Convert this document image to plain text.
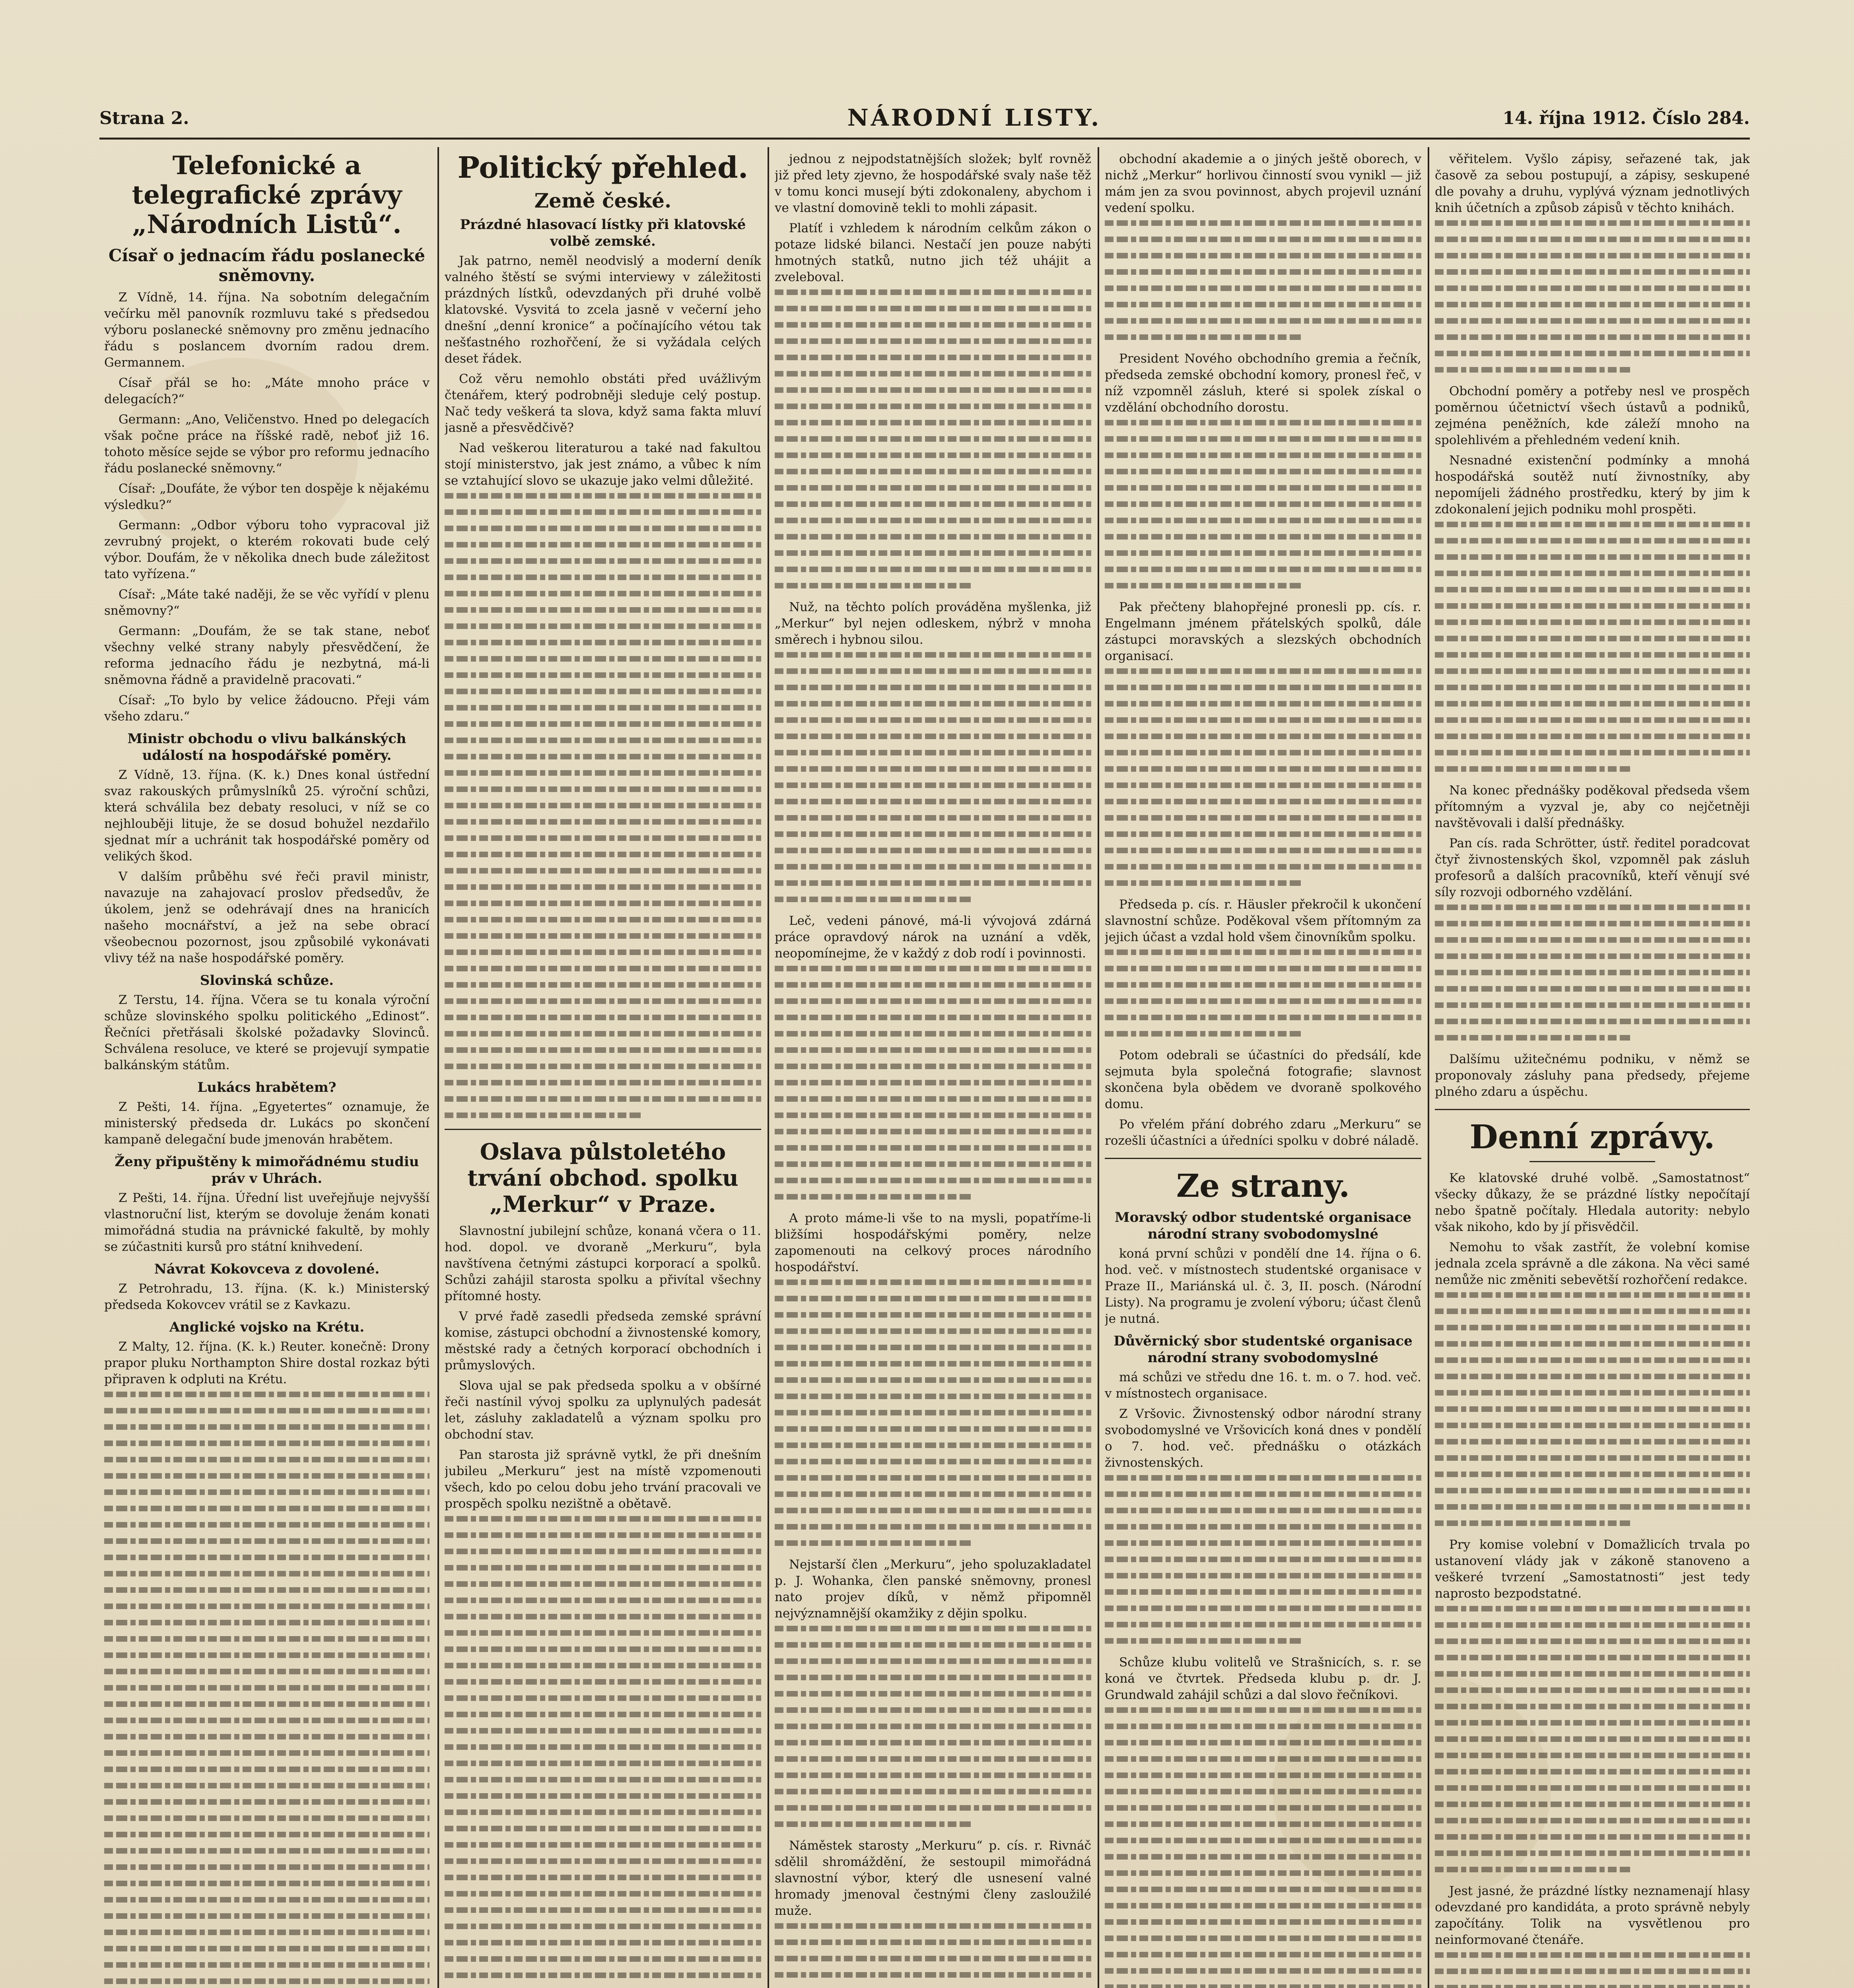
Strana 2.	NÁRODNÍ LISTY.	14. října 1912. Číslo 284.
Telefonické a telegrafické zprávy „Národních Listů“.
Císař o jednacím řádu poslanecké sněmovny.

Z Vídně, 14. října. Na sobotním delegačním večírku měl panovník rozmluvu také s předsedou výboru poslanecké sněmovny pro změnu jednacího řádu s poslancem dvorním radou drem. Germannem.

Císař přál se ho: „Máte mnoho práce v delegacích?“

Germann: „Ano, Veličenstvo. Hned po delegacích však počne práce na říšské radě, neboť již 16. tohoto měsíce sejde se výbor pro reformu jednacího řádu poslanecké sněmovny.“

Císař: „Doufáte, že výbor ten dospěje k nějakému výsledku?“

Germann: „Odbor výboru toho vypracoval již zevrubný projekt, o kterém rokovati bude celý výbor. Doufám, že v několika dnech bude záležitost tato vyřízena.“

Císař: „Máte také naději, že se věc vyřídí v plenu sněmovny?“

Germann: „Doufám, že se tak stane, neboť všechny velké strany nabyly přesvědčení, že reforma jednacího řádu je nezbytná, má-li sněmovna řádně a pravidelně pracovati.“

Císař: „To bylo by velice žádoucno. Přeji vám všeho zdaru.“

Ministr obchodu o vlivu balkánských událostí na hospodářské poměry.

Z Vídně, 13. října. (K. k.) Dnes konal ústřední svaz rakouských průmyslníků 25. výroční schůzi, která schválila bez debaty resoluci, v níž se co nejhlouběji lituje, že se dosud bohužel nezdařilo sjednat mír a uchránit tak hospodářské poměry od velikých škod.

V dalším průběhu své řeči pravil ministr, navazuje na zahajovací proslov předsedův, že úkolem, jenž se odehrávají dnes na hranicích našeho mocnářství, a jež na sebe obrací všeobecnou pozornost, jsou způsobilé vykonávati vlivy též na naše hospodářské poměry.

Slovinská schůze.

Z Terstu, 14. října. Včera se tu konala výroční schůze slovinského spolku politického „Edinost“. Řečníci přetřásali školské požadavky Slovinců. Schválena resoluce, ve které se projevují sympatie balkánským státům.

Lukács hrabětem?

Z Pešti, 14. října. „Egyetertes“ oznamuje, že ministerský předseda dr. Lukács po skončení kampaně delegační bude jmenován hrabětem.

Ženy připuštěny k mimořádnému studiu práv v Uhrách.

Z Pešti, 14. října. Úřední list uveřejňuje nejvyšší vlastnoruční list, kterým se dovoluje ženám konati mimořádná studia na právnické fakultě, by mohly se zúčastniti kursů pro státní knihvedení.

Návrat Kokovceva z dovolené.

Z Petrohradu, 13. října. (K. k.) Ministerský předseda Kokovcev vrátil se z Kavkazu.

Anglické vojsko na Krétu.

Z Malty, 12. října. (K. k.) Reuter. konečně: Drony prapor pluku Northampton Shire dostal rozkaz býti připraven k odpluti na Krétu.

Politický přehled.
Země české.
Prázdné hlasovací lístky při klatovské volbě zemské.

Jak patrno, neměl neodvislý a moderní deník valného štěstí se svými interviewy v záležitosti prázdných lístků, odevzdaných při druhé volbě klatovské. Vysvitá to zcela jasně v večerní jeho dnešní „denní kronice“ a počínajícího vétou tak nešťastného rozhořčení, že si vyžádala celých deset řádek.

Což věru nemohlo obstáti před uvážlivým čtenářem, který podrobněji sleduje celý postup. Nač tedy veškerá ta slova, když sama fakta mluví jasně a přesvědčivě?

Nad veškerou literaturou a také nad fakultou stojí ministerstvo, jak jest známo, a vůbec k ním se vztahující slovo se ukazuje jako velmi důležité.

Oslava půlstoletého trvání obchod. spolku „Merkur“ v Praze.

Slavnostní jubilejní schůze, konaná včera o 11. hod. dopol. ve dvoraně „Merkuru“, byla navštívena četnými zástupci korporací a spolků. Schůzi zahájil starosta spolku a přivítal všechny přítomné hosty.

V prvé řadě zasedli předseda zemské správní komise, zástupci obchodní a živnostenské komory, městské rady a četných korporací obchodních i průmyslových.

Slova ujal se pak předseda spolku a v obšírné řeči nastínil vývoj spolku za uplynulých padesát let, zásluhy zakladatelů a význam spolku pro obchodní stav.

Pan starosta již správně vytkl, že při dnešním jubileu „Merkuru“ jest na místě vzpomenouti všech, kdo po celou dobu jeho trvání pracovali ve prospěch spolku nezištně a obětavě.

jednou z nejpodstatnějších složek; bylť rovněž již před lety zjevno, že hospodářské svaly naše těž v tomu konci musejí býti zdokonaleny, abychom i ve vlastní domovině tekli to mohli zápasit.

Platíť i vzhledem k národním celkům zákon o potaze lidské bilanci. Nestačí jen pouze nabýti hmotných statků, nutno jich též uhájit a zveleboval.

Nuž, na těchto polích prováděna myšlenka, již „Merkur“ byl nejen odleskem, nýbrž v mnoha směrech i hybnou silou.

Leč, vedeni pánové, má-li vývojová zdárná práce opravdový nárok na uznání a vděk, neopomínejme, že v každý z dob rodí i povinnosti.

A proto máme-li vše to na mysli, popatříme-li bližšími hospodářskými poměry, nelze zapomenouti na celkový proces národního hospodářství.

Nejstarší člen „Merkuru“, jeho spoluzakladatel p. J. Wohanka, člen panské sněmovny, pronesl nato projev díků, v němž připomněl nejvýznamnější okamžiky z dějin spolku.

Náměstek starosty „Merkuru“ p. cís. r. Rivnáč sdělil shromáždění, že sestoupil mimořádná slavnostní výbor, který dle usnesení valné hromady jmenoval čestnými členy zasloužilé muže.

obchodní akademie a o jiných ještě oborech, v nichž „Merkur“ horlivou činností svou vynikl — již mám jen za svou povinnost, abych projevil uznání vedení spolku.

President Nového obchodního gremia a řečník, předseda zemské obchodní komory, pronesl řeč, v níž vzpomněl zásluh, které si spolek získal o vzdělání obchodního dorostu.

Pak přečteny blahopřejné pronesli pp. cís. r. Engelmann jménem přátelských spolků, dále zástupci moravských a slezských obchodních organisací.

Předseda p. cís. r. Häusler překročil k ukončení slavnostní schůze. Poděkoval všem přítomným za jejich účast a vzdal hold všem činovníkům spolku.

Potom odebrali se účastníci do předsálí, kde sejmuta byla společná fotografie; slavnost skončena byla obědem ve dvoraně spolkového domu.

Po vřelém přání dobrého zdaru „Merkuru“ se rozešli účastníci a úředníci spolku v dobré náladě.

Ze strany.
Moravský odbor studentské organisace národní strany svobodomyslné

koná první schůzi v pondělí dne 14. října o 6. hod. več. v místnostech studentské organisace v Praze II., Mariánská ul. č. 3, II. posch. (Národní Listy). Na programu je zvolení výboru; účast členů je nutná.

Důvěrnický sbor studentské organisace národní strany svobodomyslné

má schůzi ve středu dne 16. t. m. o 7. hod. več. v místnostech organisace.

Z Vršovic. Živnostenský odbor národní strany svobodomyslné ve Vršovicích koná dnes v pondělí o 7. hod. več. přednášku o otázkách živnostenských.

Schůze klubu volitelů ve Strašnicích, s. r. se koná ve čtvrtek. Předseda klubu p. dr. J. Grundwald zahájil schůzi a dal slovo řečníkovi.

věřitelem. Vyšlo zápisy, seřazené tak, jak časově za sebou postupují, a zápisy, seskupené dle povahy a druhu, vyplývá význam jednotlivých knih účetních a způsob zápisů v těchto knihách.

Obchodní poměry a potřeby nesl ve prospěch poměrnou účetnictví všech ústavů a podniků, zejména peněžních, kde záleží mnoho na spolehlivém a přehledném vedení knih.

Nesnadné existenční podmínky a mnohá hospodářská soutěž nutí živnostníky, aby nepomíjeli žádného prostředku, který by jim k zdokonalení jejich podniku mohl prospěti.

Na konec přednášky poděkoval předseda všem přítomným a vyzval je, aby co nejčetněji navštěvovali i další přednášky.

Pan cís. rada Schrötter, ústř. ředitel poradcovat čtyř živnostenských škol, vzpomněl pak zásluh profesorů a dalších pracovníků, kteří věnují své síly rozvoji odborného vzdělání.

Dalšímu užitečnému podniku, v němž se proponovaly zásluhy pana předsedy, přejeme plného zdaru a úspěchu.

Denní zprávy.

Ke klatovské druhé volbě. „Samostatnost“ všecky důkazy, že se prázdné lístky nepočítají nebo špatně počítaly. Hledala autority: nebylo však nikoho, kdo by jí přisvědčil.

Nemohu to však zastřít, že volební komise jednala zcela správně a dle zákona. Na věci samé nemůže nic změniti sebevětší rozhořčení redakce.

Pry komise volební v Domažlicích trvala po ustanovení vlády jak v zákoně stanoveno a veškeré tvrzení „Samostatnosti“ jest tedy naprosto bezpodstatné.

Jest jasné, že prázdné lístky neznamenají hlasy odevzdané pro kandidáta, a proto správně nebyly započítány. Tolik na vysvětlenou pro neinformované čtenáře.
